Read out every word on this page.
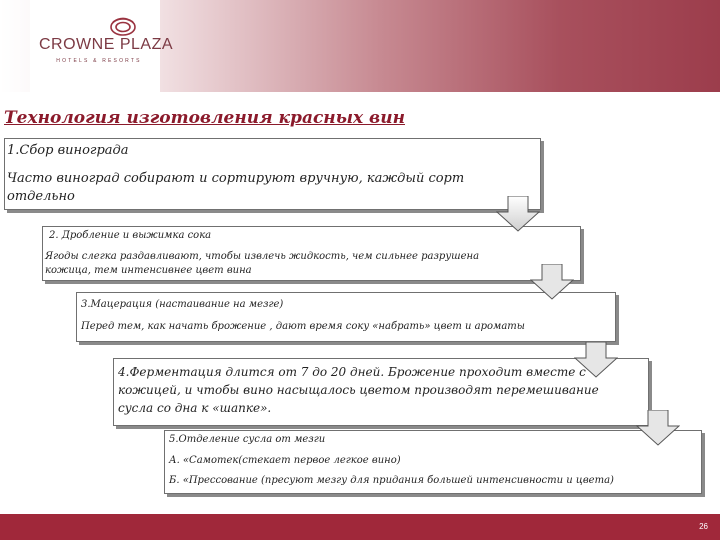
CROWNE PLAZA
HOTELS & RESORTS
Технология изготовления красных вин
1.Сбор винограда
Часто виноград собирают и сортируют вручную, каждый сорт
отдельно
2. Дробление и выжимка сока
Ягоды слегка раздавливают, чтобы извлечь жидкость, чем сильнее разрушена
кожица, тем интенсивнее цвет вина
3.Мацерация (настаивание на мезге)
Перед тем, как начать брожение , дают время соку «набрать» цвет и ароматы
4.Ферментация длится от 7 до 20 дней. Брожение проходит вместе с
кожицей, и чтобы вино насыщалось цветом производят перемешивание
сусла со дна к «шапке».
5.Отделение сусла от мезги
А. «Самотек(стекает первое легкое вино)
Б. «Прессование (пресуют мезгу для придания большей интенсивности и цвета)
26
